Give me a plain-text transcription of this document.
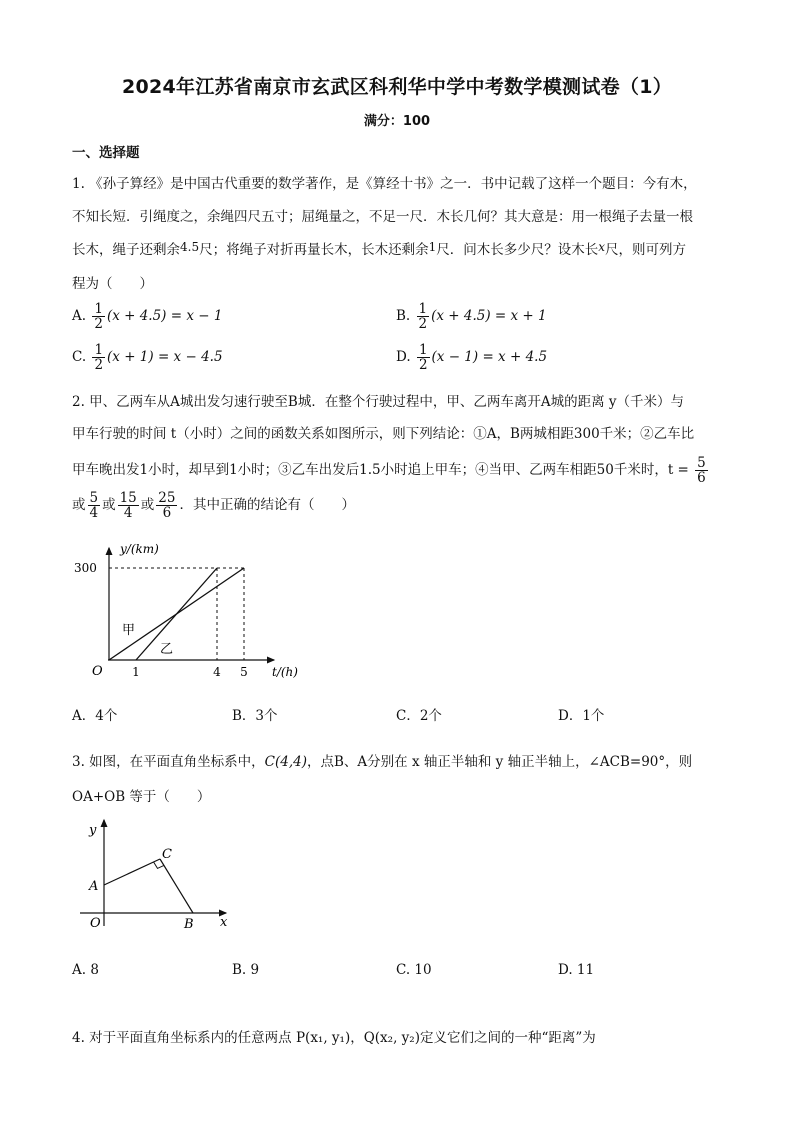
2024年江苏省南京市玄武区科利华中学中考数学模测试卷（1）
满分：100
一、选择题
1. 《孙子算经》是中国古代重要的数学著作，是《算经十书》之一．书中记载了这样一个题目：今有木，
不知长短．引绳度之，余绳四尺五寸；屈绳量之，不足一尺．木长几何？其大意是：用一根绳子去量一根
长木，绳子还剩余4.5尺；将绳子对折再量长木，长木还剩余1尺．问木长多少尺？设木长x尺，则可列方
程为（　　）
A. $\frac{1}{2} (x + 4.5) = x - 1$	B. $\frac{1}{2} (x + 4.5) = x + 1$
C. $\frac{1}{2} (x + 1) = x - 4.5$	D. $\frac{1}{2} (x - 1) = x + 4.5$
2. 甲、乙两车从A城出发匀速行驶至B城．在整个行驶过程中，甲、乙两车离开A城的距离 y（千米）与
甲车行驶的时间 t（小时）之间的函数关系如图所示，则下列结论：①A，B两城相距300千米；②乙车比
甲车晚出发1小时，却早到1小时；③乙车出发后1.5小时追上甲车；④当甲、乙两车相距50千米时，$t = \frac{5}{6}$
或 $\frac{5}{4}$ 或 $\frac{15}{4}$ 或 $\frac{25}{6}$ ．其中正确的结论有（　　）
y/(km)
t/(h)
O
300
1	4 5
甲
乙
A．4个	B．3个	C．2个	D．1个
3. 如图，在平面直角坐标系中，C(4,4)，点B、A分别在 x 轴正半轴和 y 轴正半轴上，∠ACB=90°，则
OA+OB 等于（　　）
y
x
O
A
B
C
A. 8	B. 9	C. 10	D. 11
4. 对于平面直角坐标系内的任意两点 P(x₁, y₁)，Q(x₂, y₂)定义它们之间的一种“距离”为
